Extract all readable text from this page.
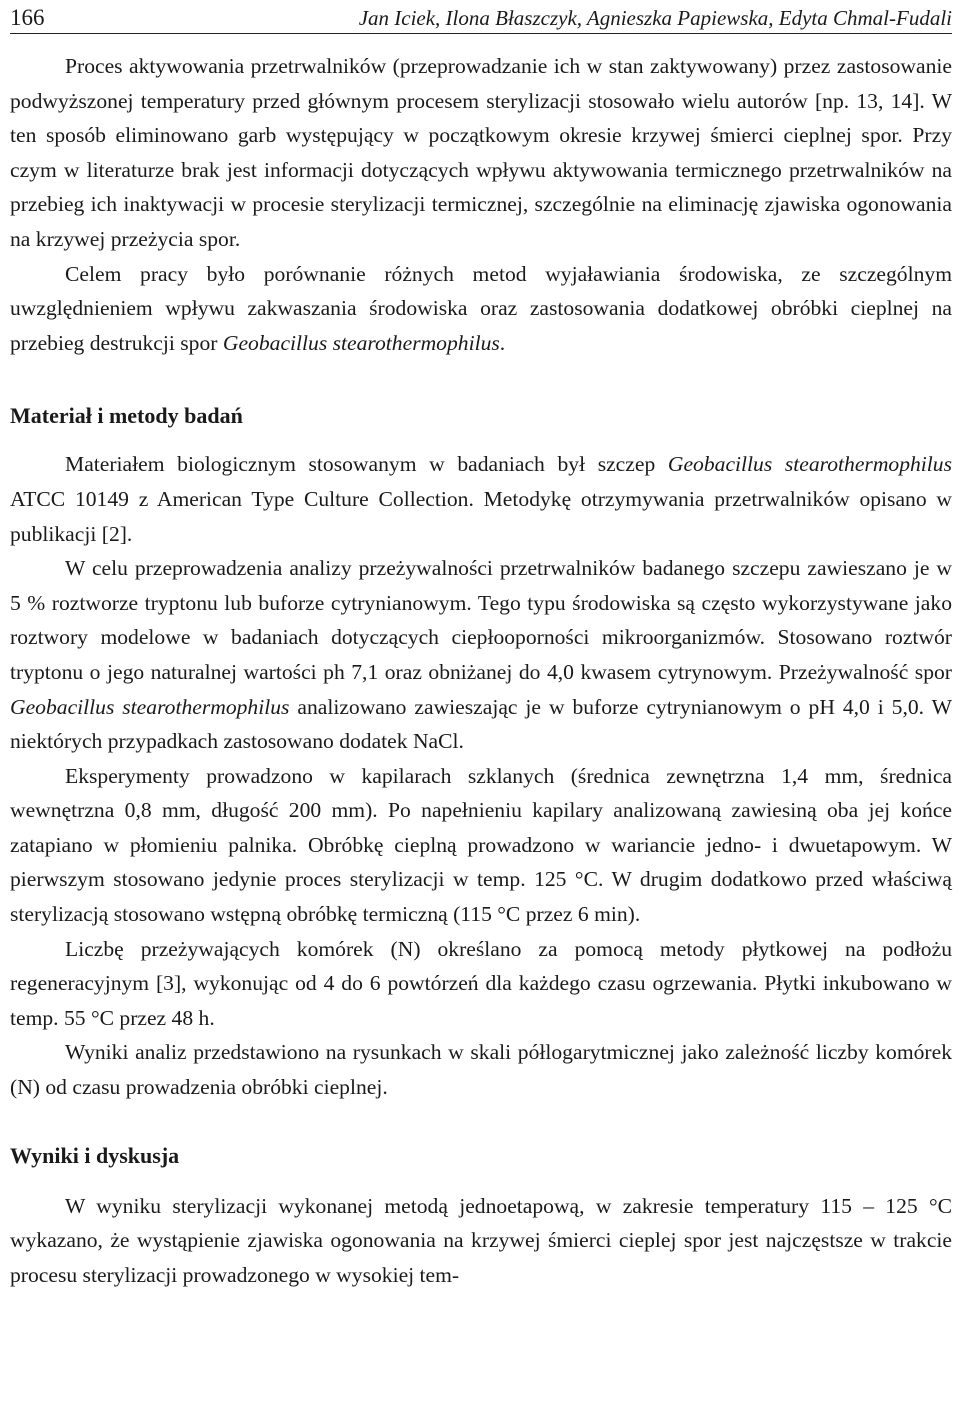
166	Jan Iciek, Ilona Błaszczyk, Agnieszka Papiewska, Edyta Chmal-Fudali

Proces aktywowania przetrwalników (przeprowadzanie ich w stan zaktywowany) przez zastosowanie podwyższonej temperatury przed głównym procesem sterylizacji stosowało wielu autorów [np. 13, 14]. W ten sposób eliminowano garb występujący w początkowym okresie krzywej śmierci cieplnej spor. Przy czym w literaturze brak jest informacji dotyczących wpływu aktywowania termicznego przetrwalników na przebieg ich inaktywacji w procesie sterylizacji termicznej, szczególnie na eliminację zjawiska ogonowania na krzywej przeżycia spor.

Celem pracy było porównanie różnych metod wyjaławiania środowiska, ze szczególnym uwzględnieniem wpływu zakwaszania środowiska oraz zastosowania dodatkowej obróbki cieplnej na przebieg destrukcji spor Geobacillus stearothermophilus.

Materiał i metody badań

Materiałem biologicznym stosowanym w badaniach był szczep Geobacillus stearothermophilus ATCC 10149 z American Type Culture Collection. Metodykę otrzymywania przetrwalników opisano w publikacji [2].

W celu przeprowadzenia analizy przeżywalności przetrwalników badanego szczepu zawieszano je w 5 % roztworze tryptonu lub buforze cytrynianowym. Tego typu środowiska są często wykorzystywane jako roztwory modelowe w badaniach dotyczących ciepłooporności mikroorganizmów. Stosowano roztwór tryptonu o jego naturalnej wartości ph 7,1 oraz obniżanej do 4,0 kwasem cytrynowym. Przeżywalność spor Geobacillus stearothermophilus analizowano zawieszając je w buforze cytrynianowym o pH 4,0 i 5,0. W niektórych przypadkach zastosowano dodatek NaCl.

Eksperymenty prowadzono w kapilarach szklanych (średnica zewnętrzna 1,4 mm, średnica wewnętrzna 0,8 mm, długość 200 mm). Po napełnieniu kapilary analizowaną zawiesiną oba jej końce zatapiano w płomieniu palnika. Obróbkę cieplną prowadzono w wariancie jedno- i dwuetapowym. W pierwszym stosowano jedynie proces sterylizacji w temp. 125 °C. W drugim dodatkowo przed właściwą sterylizacją stosowano wstępną obróbkę termiczną (115 °C przez 6 min).

Liczbę przeżywających komórek (N) określano za pomocą metody płytkowej na podłożu regeneracyjnym [3], wykonując od 4 do 6 powtórzeń dla każdego czasu ogrzewania. Płytki inkubowano w temp. 55 °C przez 48 h.

Wyniki analiz przedstawiono na rysunkach w skali półlogarytmicznej jako zależność liczby komórek (N) od czasu prowadzenia obróbki cieplnej.

Wyniki i dyskusja

W wyniku sterylizacji wykonanej metodą jednoetapową, w zakresie temperatury 115 – 125 °C wykazano, że wystąpienie zjawiska ogonowania na krzywej śmierci cieplej spor jest najczęstsze w trakcie procesu sterylizacji prowadzonego w wysokiej tem-
